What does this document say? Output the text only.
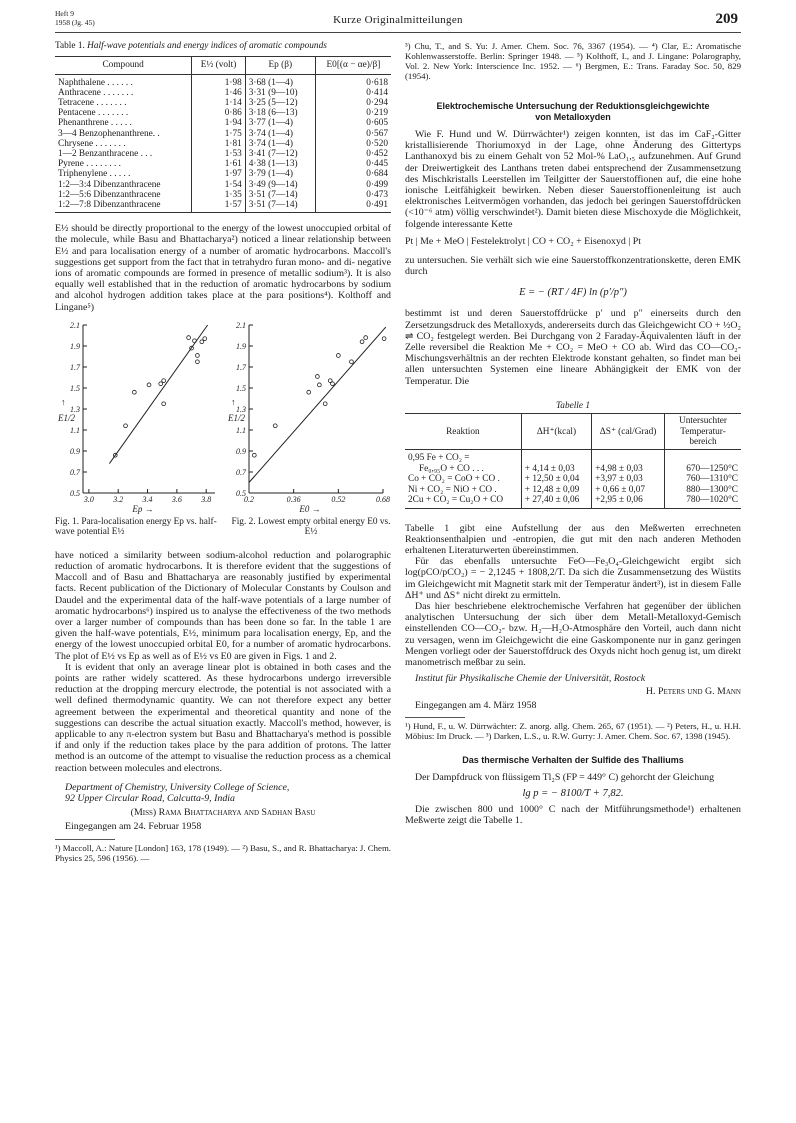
Heft 9
1958 (Jg. 45)	Kurze Originalmitteilungen	209
Table 1. Half-wave potentials and energy indices of aromatic compounds
Compound	E½ (volt)	Ep (β)	E0[(α − αe)/β]
Naphthalene . . . . . .	1·98	3·68 (1—4)	0·618
Anthracene . . . . . . .	1·46	3·31 (9—10)	0·414
Tetracene . . . . . . .	1·14	3·25 (5—12)	0·294
Pentacene . . . . . . .	0·86	3·18 (6—13)	0·219
Phenanthrene . . . . .	1·94	3·77 (1—4)	0·605
3—4 Benzophenanthrene. .	1·75	3·74 (1—4)	0·567
Chrysene . . . . . . .	1·81	3·74 (1—4)	0·520
1—2 Benzanthracene . . .	1·53	3·41 (7—12)	0·452
Pyrene . . . . . . . .	1·61	4·38 (1—13)	0·445
Triphenylene . . . . .	1·97	3·79 (1—4)	0·684
1:2—3:4 Dibenzanthracene	1·54	3·49 (9—14)	0·499
1:2—5:6 Dibenzanthracene	1·35	3·51 (7—14)	0·473
1:2—7:8 Dibenzanthracene	1·57	3·51 (7—14)	0·491
E½ should be directly proportional to the energy of the lowest unoccupied orbital of the molecule, while Basu and Bhattacharya²) noticed a linear relationship between E½ and para localisation energy of a number of aromatic hydrocarbons. Maccoll's suggestions get support from the fact that in tetrahydro furan mono- and di- negative ions of aromatic compounds are formed in presence of metallic sodium³). It is also equally well established that in the reduction of aromatic hydrocarbons by sodium and alcohol hydrogen addition takes place at the para positions⁴). Kolthoff and Lingane⁵)
2.1
1.9
1.7
1.5
1.3
1.1
0.9
0.7
0.5
3.0 3.2 3.4 3.6 3.8
Ep →
E1/2
↑
2.1
1.9
1.7
1.5
1.3
1.1
0.9
0.7
0.5
0.2	0.36	0.52	0.68
E0 →
E1/2
↑
Fig. 1. Para-localisation energy Ep vs. half-wave potential E½
Fig. 2. Lowest empty orbital energy E0 vs. E½

have noticed a similarity between sodium-alcohol reduction and polarographic reduction of aromatic hydrocarbons. It is therefore evident that the suggestions of Maccoll and of Basu and Bhattacharya are reasonably justified by experimental facts. Recent publication of the Dictionary of Molecular Constants by Coulson and Daudel and the experimental data of the half-wave potentials of a large number of aromatic hydrocarbons⁶) inspired us to analyse the effectiveness of the two methods over a larger number of compounds than has been done so far. In the table 1 are given the half-wave potentials, E½, minimum para localisation energy, Ep, and the energy of the lowest unoccupied orbital E0, for a number of aromatic hydrocarbons. The plot of E½ vs Ep as well as of E½ vs E0 are given in Figs. 1 and 2.

It is evident that only an average linear plot is obtained in both cases and the points are rather widely scattered. As these hydrocarbons undergo irreversible reduction at the dropping mercury electrode, the potential is not associated with a well defined thermodynamic quantity. We can not therefore expect any better agreement between the experimental and theoretical quantity and none of the suggestions can describe the actual situation exactly. Maccoll's method, however, is applicable to any π-electron system but Basu and Bhattacharya's method is possible if and only if the reduction takes place by the para addition of protons. The latter method is an outcome of the attempt to visualise the reduction process as a chemical reaction between molecules and electrons.

Department of Chemistry, University College of Science,
92 Upper Circular Road, Calcutta-9, India
(Miss) Rama Bhattacharya and Sadhan Basu
Eingegangen am 24. Februar 1958
¹) Maccoll, A.: Nature [London] 163, 178 (1949). — ²) Basu, S., and R. Bhattacharya: J. Chem. Physics 25, 596 (1956). —
³) Chu, T., and S. Yu: J. Amer. Chem. Soc. 76, 3367 (1954). — ⁴) Clar, E.: Aromatische Kohlenwasserstoffe. Berlin: Springer 1948. — ⁵) Kolthoff, I., and J. Lingane: Polarography, Vol. 2. New York: Interscience Inc. 1952. — ⁶) Bergmen, E.: Trans. Faraday Soc. 50, 829 (1954).
Elektrochemische Untersuchung der Reduktionsgleichgewichte
von Metalloxyden

Wie F. Hund und W. Dürrwächter¹) zeigen konnten, ist das im CaF₂-Gitter kristallisierende Thoriumoxyd in der Lage, ohne Änderung des Gittertyps Lanthanoxyd bis zu einem Gehalt von 52 Mol-% LaO₁,₅ aufzunehmen. Auf Grund der Dreiwertigkeit des Lanthans treten dabei entsprechend der Zusammensetzung des Mischkristalls Leerstellen im Teilgitter der Sauerstoffionen auf, die eine hohe ionische Leitfähigkeit bewirken. Neben dieser Sauerstoffionenleitung ist auch elektronisches Leitvermögen vorhanden, das jedoch bei geringen Sauerstoffdrücken (<10⁻⁶ atm) völlig verschwindet²). Damit bieten diese Mischoxyde die Möglichkeit, folgende interessante Kette

Pt | Me + MeO | Festelektrolyt | CO + CO₂ + Eisenoxyd | Pt
zu untersuchen. Sie verhält sich wie eine Sauerstoffkonzentrationskette, deren EMK durch
E = − (RT / 4F) ln (p′/p″)
bestimmt ist und deren Sauerstoffdrücke p′ und p″ einerseits durch den Zersetzungsdruck des Metalloxyds, andererseits durch das Gleichgewicht CO + ½O₂ ⇌ CO₂ festgelegt werden. Bei Durchgang von 2 Faraday-Äquivalenten läuft in der Zelle reversibel die Reaktion Me + CO₂ = MeO + CO ab. Wird das CO—CO₂-Mischungsverhältnis an der rechten Elektrode konstant gehalten, so findet man bei allen untersuchten Systemen eine lineare Abhängigkeit der EMK von der Temperatur. Die
Tabelle 1
Reaktion	ΔH⁺(kcal)	ΔS⁺ (cal/Grad)	Untersuchter Temperatur-bereich
0,95 Fe + CO₂ =			
Fe₀,₉₅O + CO . . .	+ 4,14 ± 0,03	+4,98 ± 0,03	670—1250°C
Co + CO₂ = CoO + CO .	+ 12,50 ± 0,04	+3,97 ± 0,03	760—1310°C
Ni + CO₂ = NiO + CO .	+ 12,48 ± 0,09	+ 0,66 ± 0,07	880—1300°C
2Cu + CO₂ = Cu₂O + CO	+ 27,40 ± 0,06	+2,95 ± 0,06	780—1020°C

Tabelle 1 gibt eine Aufstellung der aus den Meßwerten errechneten Reaktionsenthalpien und -entropien, die gut mit den nach anderen Methoden erhaltenen Literaturwerten übereinstimmen.

Für das ebenfalls untersuchte FeO—Fe₃O₄-Gleichgewicht ergibt sich log(pCO/pCO₂) = − 2,1245 + 1808,2/T. Da sich die Zusammensetzung des Wüstits im Gleichgewicht mit Magnetit stark mit der Temperatur ändert³), ist in diesem Falle ΔH⁺ und ΔS⁺ nicht direkt zu ermitteln.

Das hier beschriebene elektrochemische Verfahren hat gegenüber der üblichen analytischen Untersuchung der sich über dem Metall-Metalloxyd-Gemisch einstellenden CO—CO₂- bzw. H₂—H₂O-Atmosphäre den Vorteil, auch dann nicht zu versagen, wenn im Gleichgewicht die eine Gaskomponente nur in ganz geringen Mengen vorliegt oder der Sauerstoffdruck des Oxyds nicht hoch genug ist, um direkt manometrisch meßbar zu sein.

Institut für Physikalische Chemie der Universität, Rostock
H. Peters und G. Mann
Eingegangen am 4. März 1958
¹) Hund, F., u. W. Dürrwächter: Z. anorg. allg. Chem. 265, 67 (1951). — ²) Peters, H., u. H.H. Möbius: Im Druck. — ³) Darken, L.S., u. R.W. Gurry: J. Amer. Chem. Soc. 67, 1398 (1945).
Das thermische Verhalten der Sulfide des Thalliums

Der Dampfdruck von flüssigem Tl₂S (FP = 449° C) gehorcht der Gleichung

lg p = − 8100/T + 7,82.

Die zwischen 800 und 1000° C nach der Mitführungsmethode¹) erhaltenen Meßwerte zeigt die Tabelle 1.
